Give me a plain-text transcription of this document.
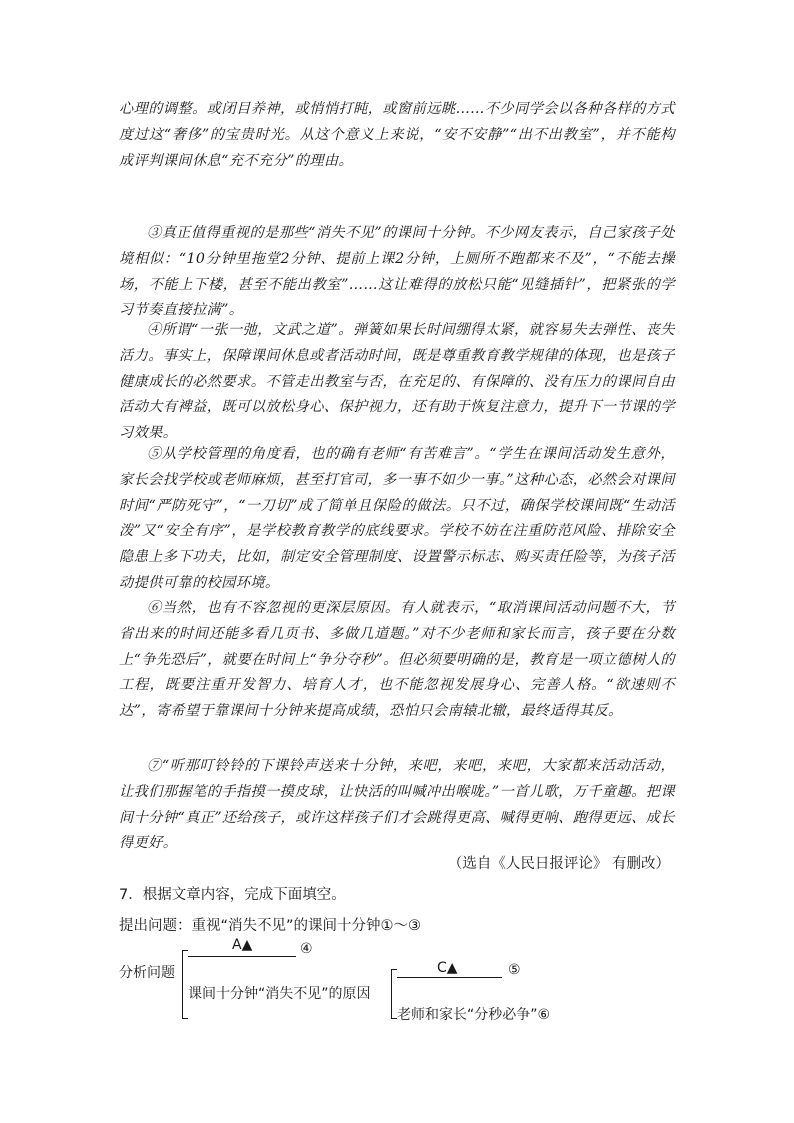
心理的调整。或闭目养神，或悄悄打盹，或窗前远眺……不少同学会以各种各样的方式度过这“奢侈”的宝贵时光。从这个意义上来说，“安不安静”“出不出教室”，并不能构成评判课间休息“充不充分”的理由。
③真正值得重视的是那些“消失不见”的课间十分钟。不少网友表示，自己家孩子处境相似：“10分钟里拖堂2分钟、提前上课2分钟，上厕所不跑都来不及”，“不能去操场，不能上下楼，甚至不能出教室”……这让难得的放松只能“见缝插针”，把紧张的学习节奏直接拉满”。
④所谓“一张一弛，文武之道”。弹簧如果长时间绷得太紧，就容易失去弹性、丧失活力。事实上，保障课间休息或者活动时间，既是尊重教育教学规律的体现，也是孩子健康成长的必然要求。不管走出教室与否，在充足的、有保障的、没有压力的课间自由活动大有裨益，既可以放松身心、保护视力，还有助于恢复注意力，提升下一节课的学习效果。
⑤从学校管理的角度看，也的确有老师“有苦难言”。“学生在课间活动发生意外，家长会找学校或老师麻烦，甚至打官司，多一事不如少一事。”这种心态，必然会对课间时间“严防死守”，“一刀切”成了简单且保险的做法。只不过，确保学校课间既“生动活泼”又“安全有序”，是学校教育教学的底线要求。学校不妨在注重防范风险、排除安全隐患上多下功夫，比如，制定安全管理制度、设置警示标志、购买责任险等，为孩子活动提供可靠的校园环境。
⑥当然，也有不容忽视的更深层原因。有人就表示，“取消课间活动问题不大，节省出来的时间还能多看几页书、多做几道题。”对不少老师和家长而言，孩子要在分数上“争先恐后”，就要在时间上“争分夺秒”。但必须要明确的是，教育是一项立德树人的工程，既要注重开发智力、培育人才，也不能忽视发展身心、完善人格。“欲速则不达”，寄希望于靠课间十分钟来提高成绩，恐怕只会南辕北辙，最终适得其反。
⑦“听那叮铃铃的下课铃声送来十分钟，来吧，来吧，来吧，大家都来活动活动，让我们那握笔的手指摸一摸皮球，让快活的叫喊冲出喉咙。”一首儿歌，万千童趣。把课间十分钟“真正”还给孩子，或许这样孩子们才会跳得更高、喊得更响、跑得更远、成长得更好。
（选自《人民日报评论》 有删改）
7．根据文章内容，完成下面填空。
提出问题：重视“消失不见”的课间十分钟①～③
分析问题
A▲	④
课间十分钟“消失不见”的原因
C▲	⑤
老师和家长“分秒必争”⑥
